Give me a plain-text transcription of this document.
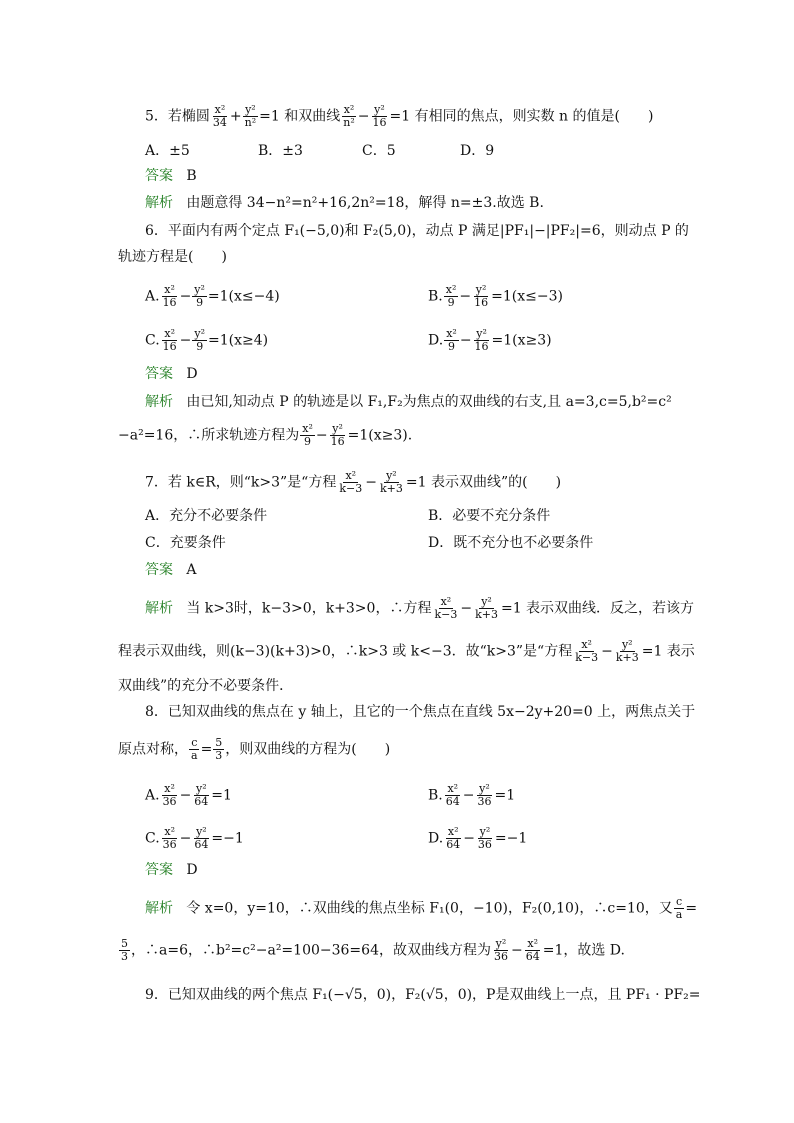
5．若椭圆 $\frac{\text{x²}}{34} + \frac{\text{y²}}{\text{n²}} =1$ 和双曲线 $\frac{\text{x²}}{\text{n²}} - \frac{\text{y²}}{16} =1$ 有相同的焦点，则实数 n 的值是(　　)
A．±5	B．±3	C．5	D．9
答案 B
解析 由题意得 34−n²=n²+16,2n²=18，解得 n=±3.故选 B.
6．平面内有两个定点 F₁(−5,0)和 F₂(5,0)，动点 P 满足|PF₁|−|PF₂|=6，则动点 P 的
轨迹方程是(　　)
A. $\frac{\text{x²}}{16} - \frac{\text{y²}}{9} =1(x\le-4)$	B. $\frac{\text{x²}}{9} - \frac{\text{y²}}{16} =1(x\le-3)$
C. $\frac{\text{x²}}{16} - \frac{\text{y²}}{9} =1(x\ge 4)$	D. $\frac{\text{x²}}{9} - \frac{\text{y²}}{16} =1(x\ge 3)$
答案 D
解析 由已知,知动点 P 的轨迹是以 F₁,F₂为焦点的双曲线的右支,且 a=3,c=5,b²=c²
−a²=16，∴所求轨迹方程为 $\frac{\text{x²}}{9} - \frac{\text{y²}}{16} =1(x\ge 3)$.
7．若 k∈R，则“k>3”是“方程 $\frac{\text{x²}}{k-3} - \frac{\text{y²}}{k+3} =1$ 表示双曲线”的(　　)
A．充分不必要条件	B．必要不充分条件
C．充要条件	D．既不充分也不必要条件
答案 A
解析 当 k>3时，k−3>0，k+3>0，∴方程 $\frac{\text{x²}}{k-3} - \frac{\text{y²}}{k+3} =1$ 表示双曲线．反之，若该方
程表示双曲线，则(k−3)(k+3)>0，∴k>3 或 k<−3．故“k>3”是“方程 $\frac{\text{x²}}{k-3} - \frac{\text{y²}}{k+3} =1$ 表示
双曲线”的充分不必要条件．
8．已知双曲线的焦点在 y 轴上，且它的一个焦点在直线 5x−2y+20=0 上，两焦点关于
原点对称， $\frac{c}{a} = \frac{5}{3}$ ，则双曲线的方程为(　　)
A. $\frac{\text{x²}}{36} - \frac{\text{y²}}{64} =1$	B. $\frac{\text{x²}}{64} - \frac{\text{y²}}{36} =1$
C. $\frac{\text{x²}}{36} - \frac{\text{y²}}{64} =-1$	D. $\frac{\text{x²}}{64} - \frac{\text{y²}}{36} =-1$
答案 D
解析 令 x=0，y=10，∴双曲线的焦点坐标 F₁(0，−10)，F₂(0,10)，∴c=10，又 $\frac{c}{a}$ =
$\frac{5}{3}$ ，∴a=6，∴b²=c²−a²=100−36=64，故双曲线方程为 $\frac{\text{y²}}{36} - \frac{\text{x²}}{64} =1$，故选 D.
9．已知双曲线的两个焦点 F₁(−√5，0)，F₂(√5，0)，P是双曲线上一点，且 PF₁ · PF₂=
